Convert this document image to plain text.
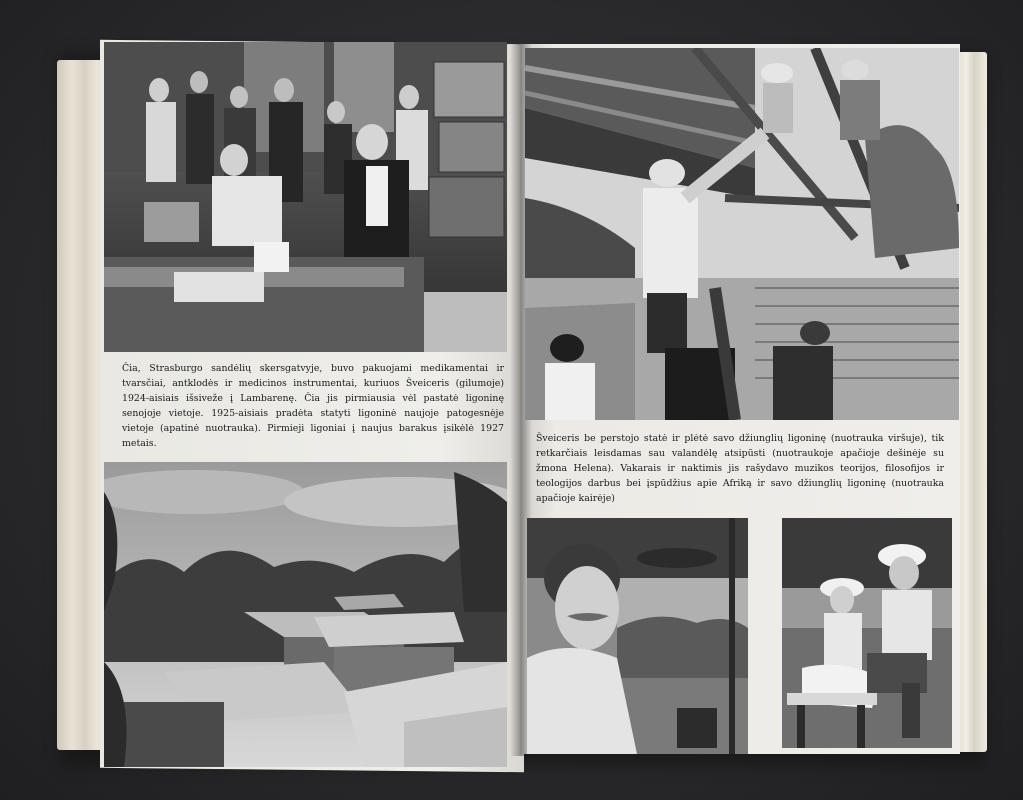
Čia, Strasburgo sandėlių skersgatvyje, buvo pakuojami medikamentai ir tvarsčiai, antklodės ir medicinos instrumentai, kuriuos Šveiceris (gilumoje) 1924-aisiais išsiveže į Lambarenę. Čia jis pirmiausia vėl pastatė ligoninę senojoje vietoje. 1925-aisiais pradėta statyti ligoninė naujoje patogesnėje vietoje (apatinė nuotrauka). Pirmieji ligoniai į naujus barakus įsikėlė 1927 metais.	Šveiceris be perstojo statė ir plėtė savo džiunglių ligoninę (nuotrauka viršuje), tik retkarčiais leisdamas sau valandėlę atsipūsti (nuotraukoje apačioje dešinėje su žmona Helena). Vakarais ir naktimis jis rašydavo muzikos teorijos, filosofijos ir teologijos darbus bei įspūdžius apie Afriką ir savo džiunglių ligoninę (nuotrauka apačioje kairėje)
